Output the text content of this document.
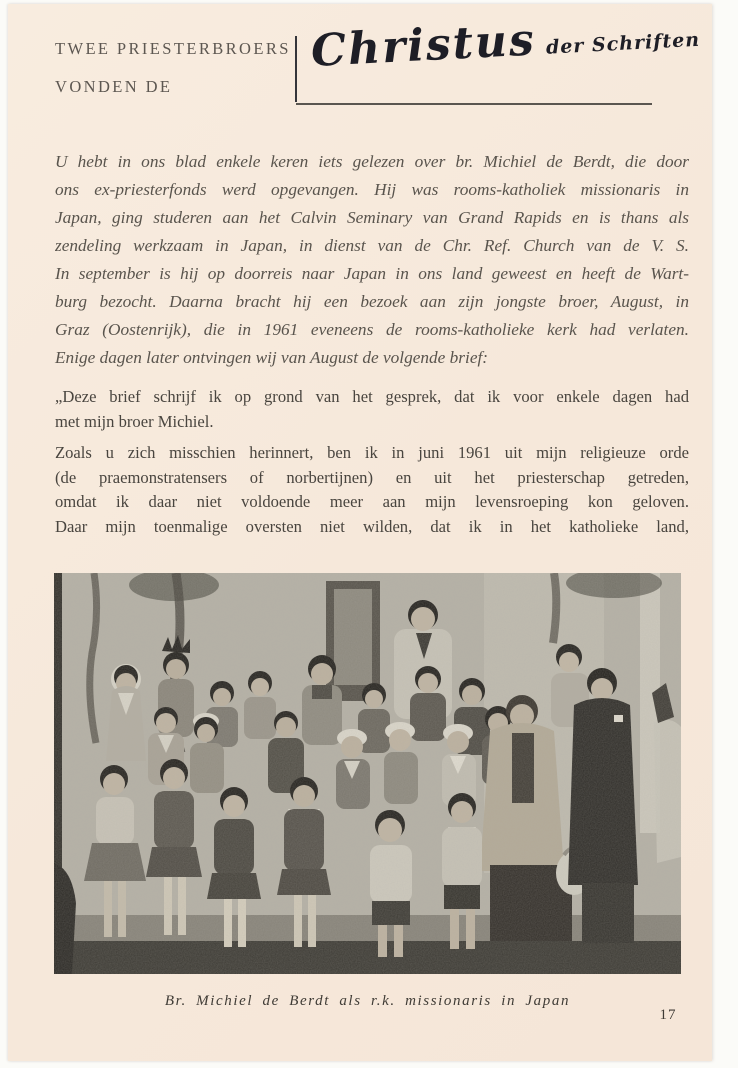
TWEE PRIESTERBROERS
VONDEN DE
Christus der Schriften
U hebt in ons blad enkele keren iets gelezen over br. Michiel de Berdt, die door
ons ex-priesterfonds werd opgevangen. Hij was rooms-katholiek missionaris in
Japan, ging studeren aan het Calvin Seminary van Grand Rapids en is thans als
zendeling werkzaam in Japan, in dienst van de Chr. Ref. Church van de V. S.
In september is hij op doorreis naar Japan in ons land geweest en heeft de Wart-
burg bezocht. Daarna bracht hij een bezoek aan zijn jongste broer, August, in
Graz (Oostenrijk), die in 1961 eveneens de rooms-katholieke kerk had verlaten.
Enige dagen later ontvingen wij van August de volgende brief:
„Deze brief schrijf ik op grond van het gesprek, dat ik voor enkele dagen had
met mijn broer Michiel.
Zoals u zich misschien herinnert, ben ik in juni 1961 uit mijn religieuze orde
(de praemonstratensers of norbertijnen) en uit het priesterschap getreden,
omdat ik daar niet voldoende meer aan mijn levensroeping kon geloven.
Daar mijn toenmalige oversten niet wilden, dat ik in het katholieke land,
Br. Michiel de Berdt als r.k. missionaris in Japan
17
